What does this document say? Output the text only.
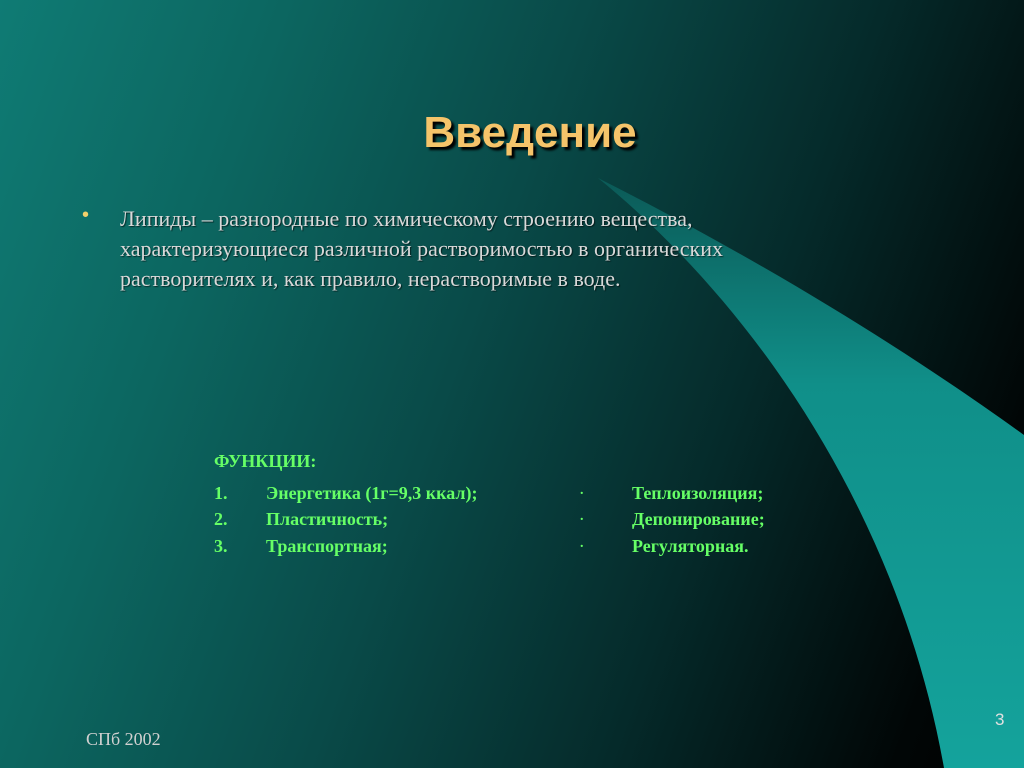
Введение
•	Липиды – разнородные по химическому строению вещества, характеризующиеся различной растворимостью в органических растворителях и, как правило, нерастворимые в воде.
ФУНКЦИИ:
1. Энергетика (1г=9,3 ккал);	.	Теплоизоляция;
2. Пластичность;	.	Депонирование;
3. Транспортная;	.	Регуляторная.
СПб 2002
3
